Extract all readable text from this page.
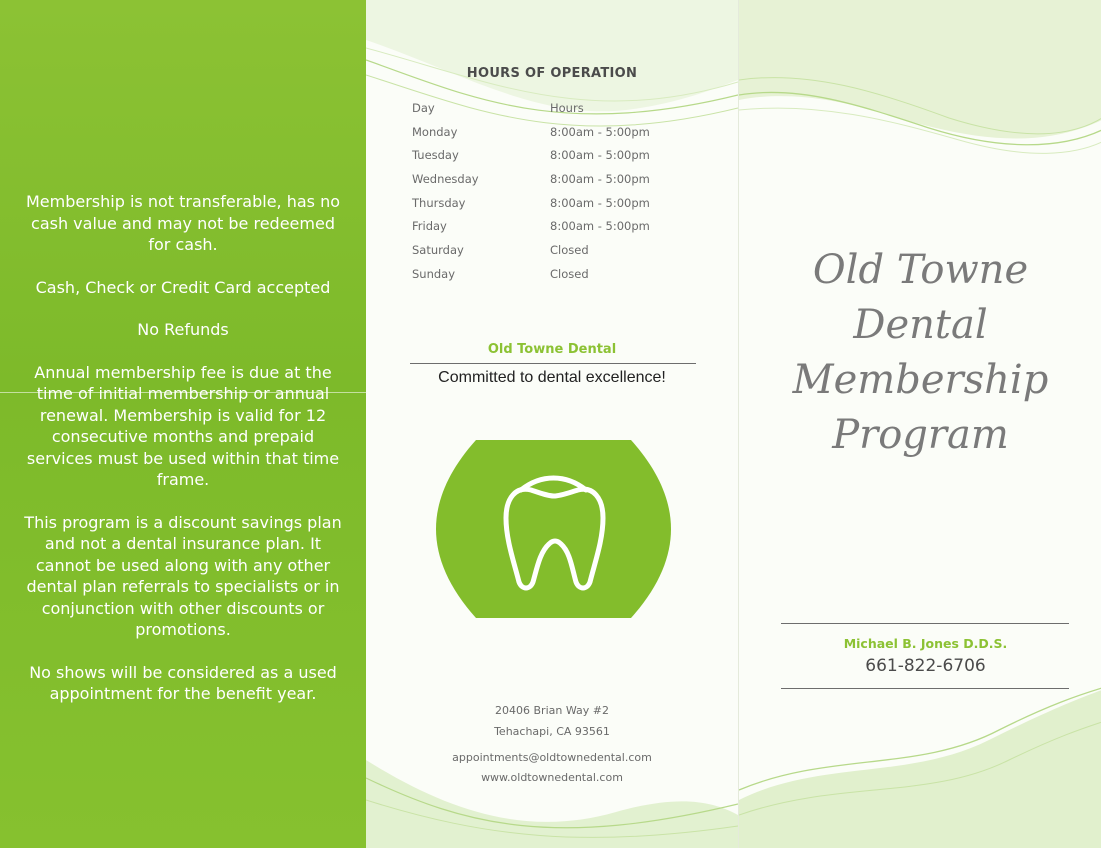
Membership is not transferable, has no cash value and may not be redeemed for cash.

Cash, Check or Credit Card accepted

No Refunds

Annual membership fee is due at the time of initial membership or annual renewal. Membership is valid for 12 consecutive months and prepaid services must be used within that time frame.

This program is a discount savings plan and not a dental insurance plan. It cannot be used along with any other dental plan referrals to specialists or in conjunction with other discounts or promotions.

No shows will be considered as a used appointment for the benefit year.

HOURS OF OPERATION
Day	Hours
Monday	8:00am - 5:00pm
Tuesday	8:00am - 5:00pm
Wednesday	8:00am - 5:00pm
Thursday	8:00am - 5:00pm
Friday	8:00am - 5:00pm
Saturday	Closed
Sunday	Closed
Old Towne Dental
Committed to dental excellence!
20406 Brian Way #2
Tehachapi, CA 93561
appointments@oldtownedental.com
www.oldtownedental.com
Old Towne
Dental
Membership
Program
Michael B. Jones D.D.S.
661-822-6706
